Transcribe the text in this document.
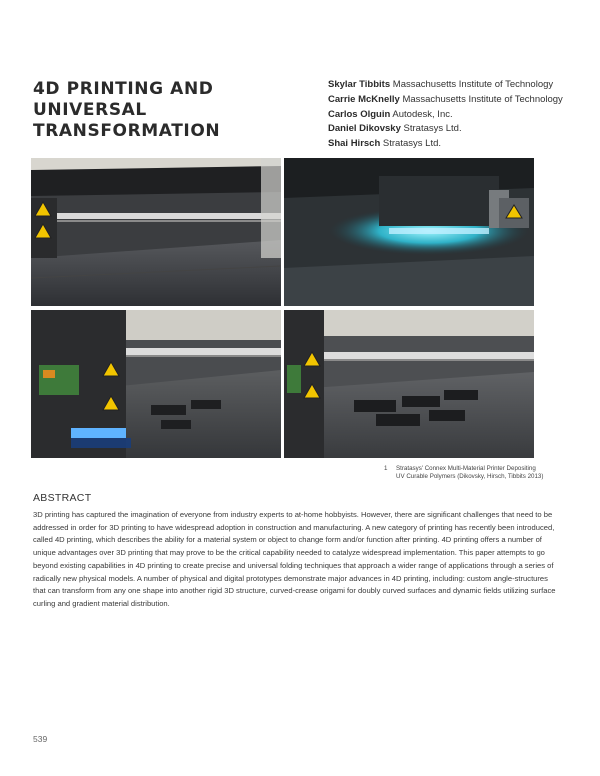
4D PRINTING AND UNIVERSAL TRANSFORMATION
Skylar Tibbits Massachusetts Institute of Technology
Carrie McKnelly Massachusetts Institute of Technology
Carlos Olguin Autodesk, Inc.
Daniel Dikovsky Stratasys Ltd.
Shai Hirsch Stratasys Ltd.
1	Stratasys' Connex Multi-Material Printer Depositing UV Curable Polymers (Dikovsky, Hirsch, Tibbits 2013)
ABSTRACT

3D printing has captured the imagination of everyone from industry experts to at-home hobbyists. However, there are significant challenges that need to be addressed in order for 3D printing to have widespread adoption in construction and manufacturing. A new category of printing has recently been introduced, called 4D printing, which describes the ability for a material system or object to change form and/or function after printing. 4D printing offers a number of unique advantages over 3D printing that may prove to be the critical capability needed to catalyze widespread implementation. This paper attempts to go beyond existing capabilities in 4D printing to create precise and universal folding techniques that approach a wider range of applications through a series of radically new physical models. A number of physical and digital prototypes demonstrate major advances in 4D printing, including: custom angle-structures that can transform from any one shape into another rigid 3D structure, curved-crease origami for doubly curved surfaces and dynamic fields utilizing surface curling and gradient material distribution.

539
